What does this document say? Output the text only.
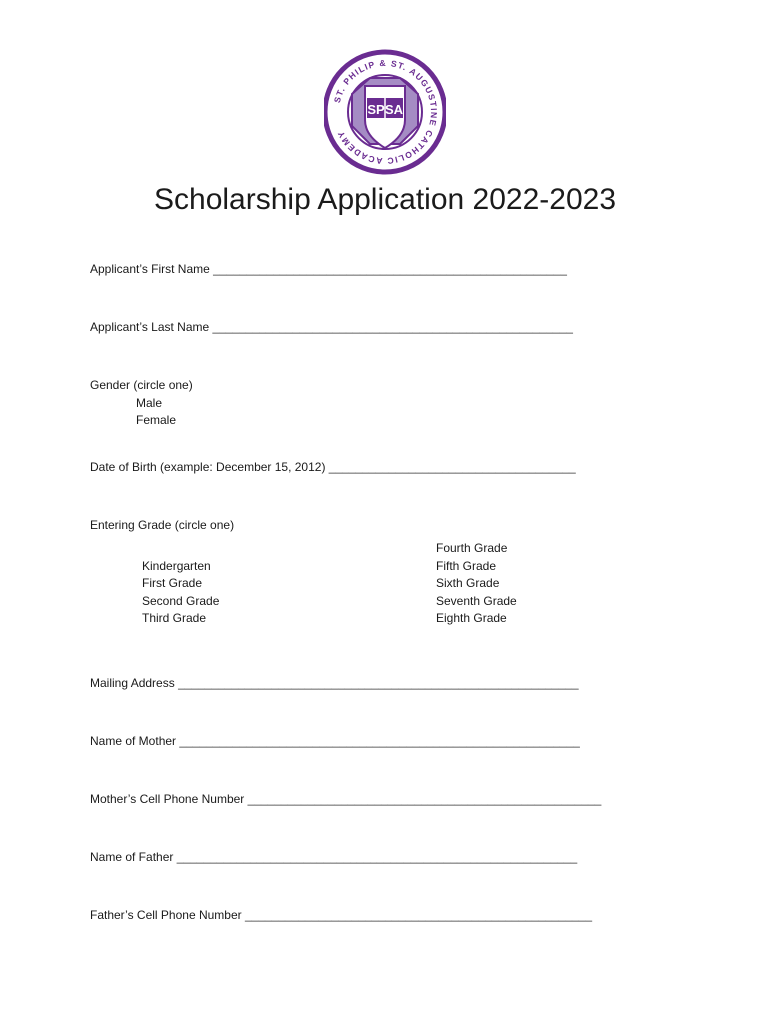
ST. PHILIP & ST. AUGUSTINE CATHOLIC ACADEMY
SP SA
Scholarship Application 2022-2023
Applicant’s First Name _____________________________________________________
Applicant’s Last Name ______________________________________________________
Gender (circle one)
Male
Female
Date of Birth (example: December 15, 2012) _____________________________________
Entering Grade (circle one)
Kindergarten
First Grade
Second Grade
Third Grade
Fourth Grade
Fifth Grade
Sixth Grade
Seventh Grade
Eighth Grade
Mailing Address ____________________________________________________________
Name of Mother ____________________________________________________________
Mother’s Cell Phone Number _____________________________________________________
Name of Father ____________________________________________________________
Father’s Cell Phone Number ____________________________________________________
